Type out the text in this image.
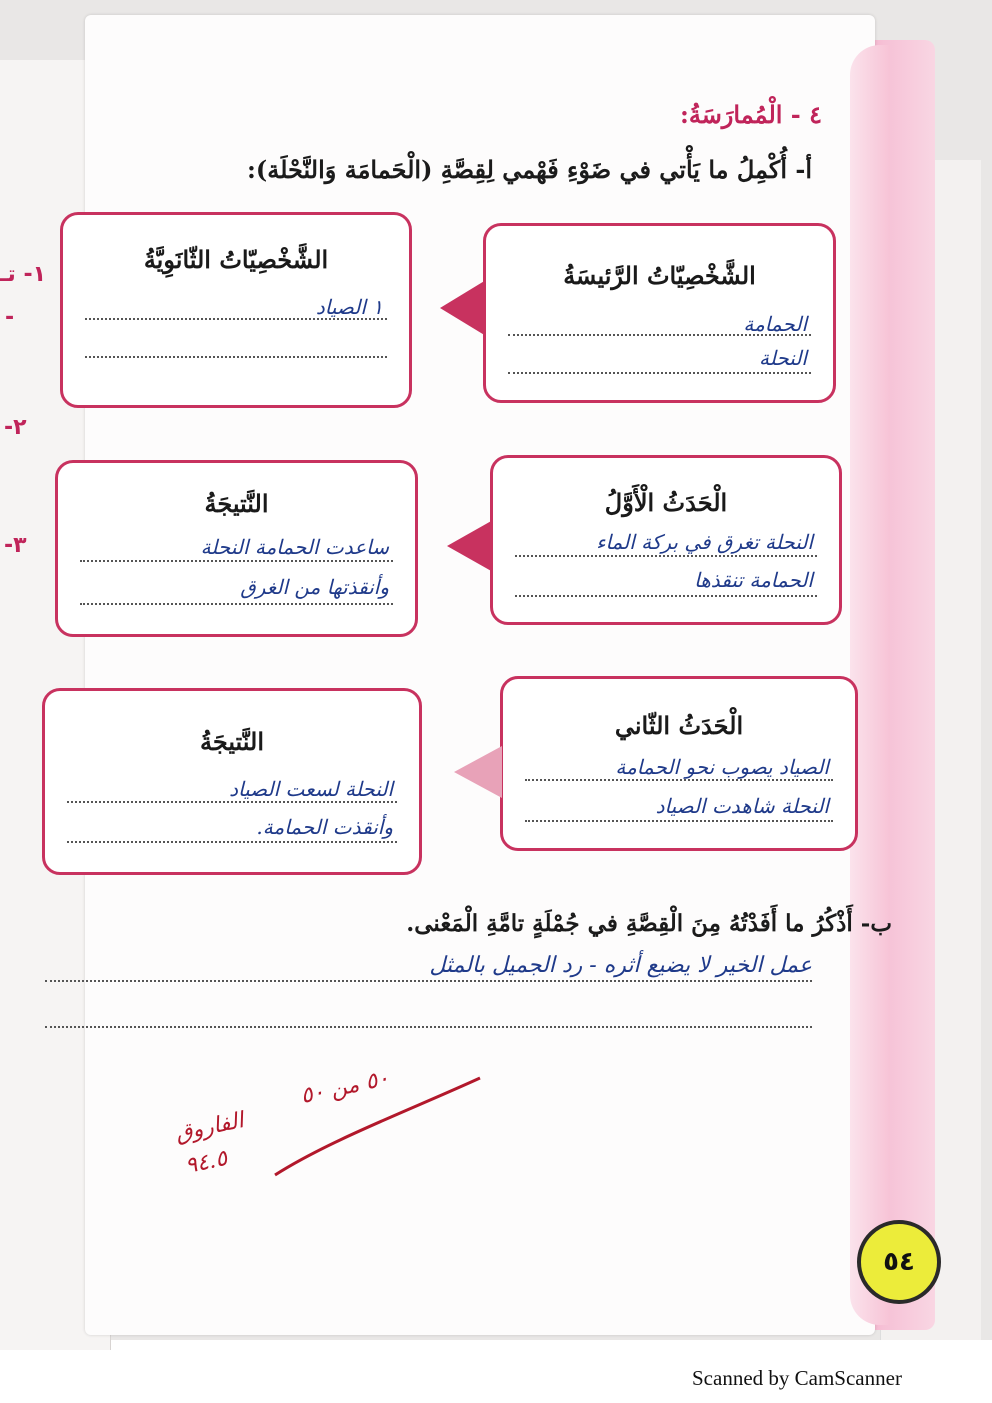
١- تـ
-
٢-
٣-
٤ - الْمُمارَسَةُ:
أ- أُكْمِلُ ما يَأْتي في ضَوْءِ فَهْمي لِقِصَّةِ (الْحَمامَة وَالنَّحْلَة):
الشَّخْصِيّاتُ الرَّئيسَةُ
الحمامة
النحلة
الشَّخْصِيّاتُ الثّانَوِيَّةُ
١ الصياد
الْحَدَثُ الْأَوَّلُ
النحلة تغرق في بركة الماء
الحمامة تنقذها
النَّتيجَةُ
ساعدت الحمامة النحلة
وأنقذتها من الغرق
الْحَدَثُ الثّاني
الصياد يصوب نحو الحمامة
النحلة شاهدت الصياد
النَّتيجَةُ
النحلة لسعت الصياد
وأنقذت الحمامة.
ب- أَذْكُرُ ما أَفَدْتُهُ مِنَ الْقِصَّةِ في جُمْلَةٍ تامَّةِ الْمَعْنى.
عمل الخير لا يضيع أثره - رد الجميل بالمثل
٥٠ من ٥٠
الفاروق
٩٤.٥
٥٤
Scanned by CamScanner
